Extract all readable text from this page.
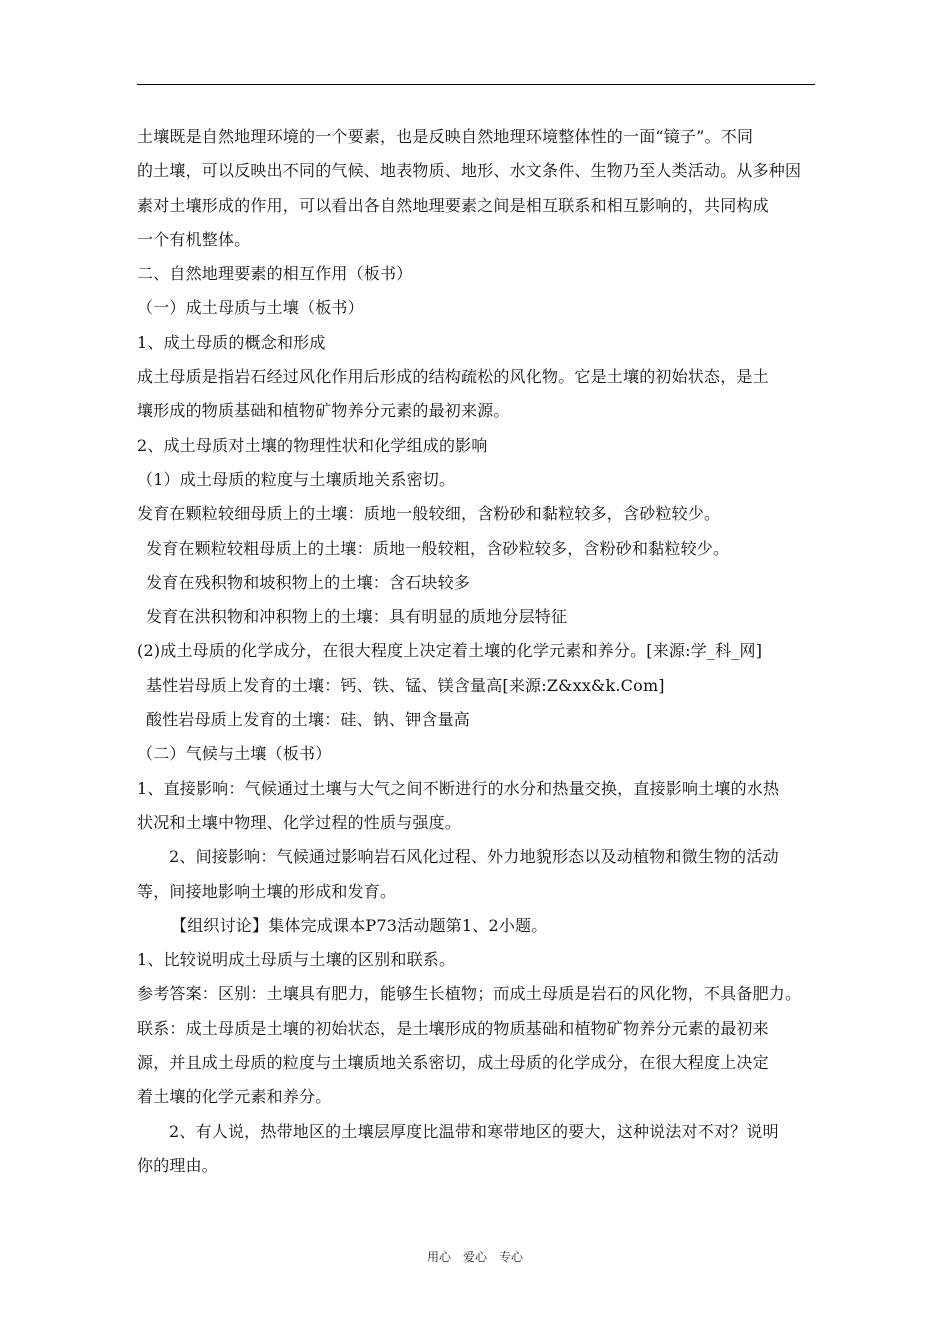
土壤既是自然地理环境的一个要素，也是反映自然地理环境整体性的一面“镜子”。不同
的土壤，可以反映出不同的气候、地表物质、地形、水文条件、生物乃至人类活动。从多种因
素对土壤形成的作用，可以看出各自然地理要素之间是相互联系和相互影响的，共同构成
一个有机整体。
二、自然地理要素的相互作用（板书）
（一）成土母质与土壤（板书）
1、成土母质的概念和形成
成土母质是指岩石经过风化作用后形成的结构疏松的风化物。它是土壤的初始状态，是土
壤形成的物质基础和植物矿物养分元素的最初来源。
2、成土母质对土壤的物理性状和化学组成的影响
（1）成土母质的粒度与土壤质地关系密切。
发育在颗粒较细母质上的土壤：质地一般较细，含粉砂和黏粒较多，含砂粒较少。
发育在颗粒较粗母质上的土壤：质地一般较粗，含砂粒较多，含粉砂和黏粒较少。
发育在残积物和坡积物上的土壤：含石块较多
发育在洪积物和冲积物上的土壤：具有明显的质地分层特征
(2)成土母质的化学成分，在很大程度上决定着土壤的化学元素和养分。[来源:学_科_网]
基性岩母质上发育的土壤：钙、铁、锰、镁含量高[来源:Z&xx&k.Com]
酸性岩母质上发育的土壤：硅、钠、钾含量高
（二）气候与土壤（板书）
1、直接影响：气候通过土壤与大气之间不断进行的水分和热量交换，直接影响土壤的水热
状况和土壤中物理、化学过程的性质与强度。
2、间接影响：气候通过影响岩石风化过程、外力地貌形态以及动植物和微生物的活动
等，间接地影响土壤的形成和发育。
【组织讨论】集体完成课本P73活动题第1、2小题。
1、比较说明成土母质与土壤的区别和联系。
参考答案：区别：土壤具有肥力，能够生长植物；而成土母质是岩石的风化物，不具备肥力。
联系：成土母质是土壤的初始状态，是土壤形成的物质基础和植物矿物养分元素的最初来
源，并且成土母质的粒度与土壤质地关系密切，成土母质的化学成分，在很大程度上决定
着土壤的化学元素和养分。
2、有人说，热带地区的土壤层厚度比温带和寒带地区的要大，这种说法对不对？说明
你的理由。
用心　爱心　专心
